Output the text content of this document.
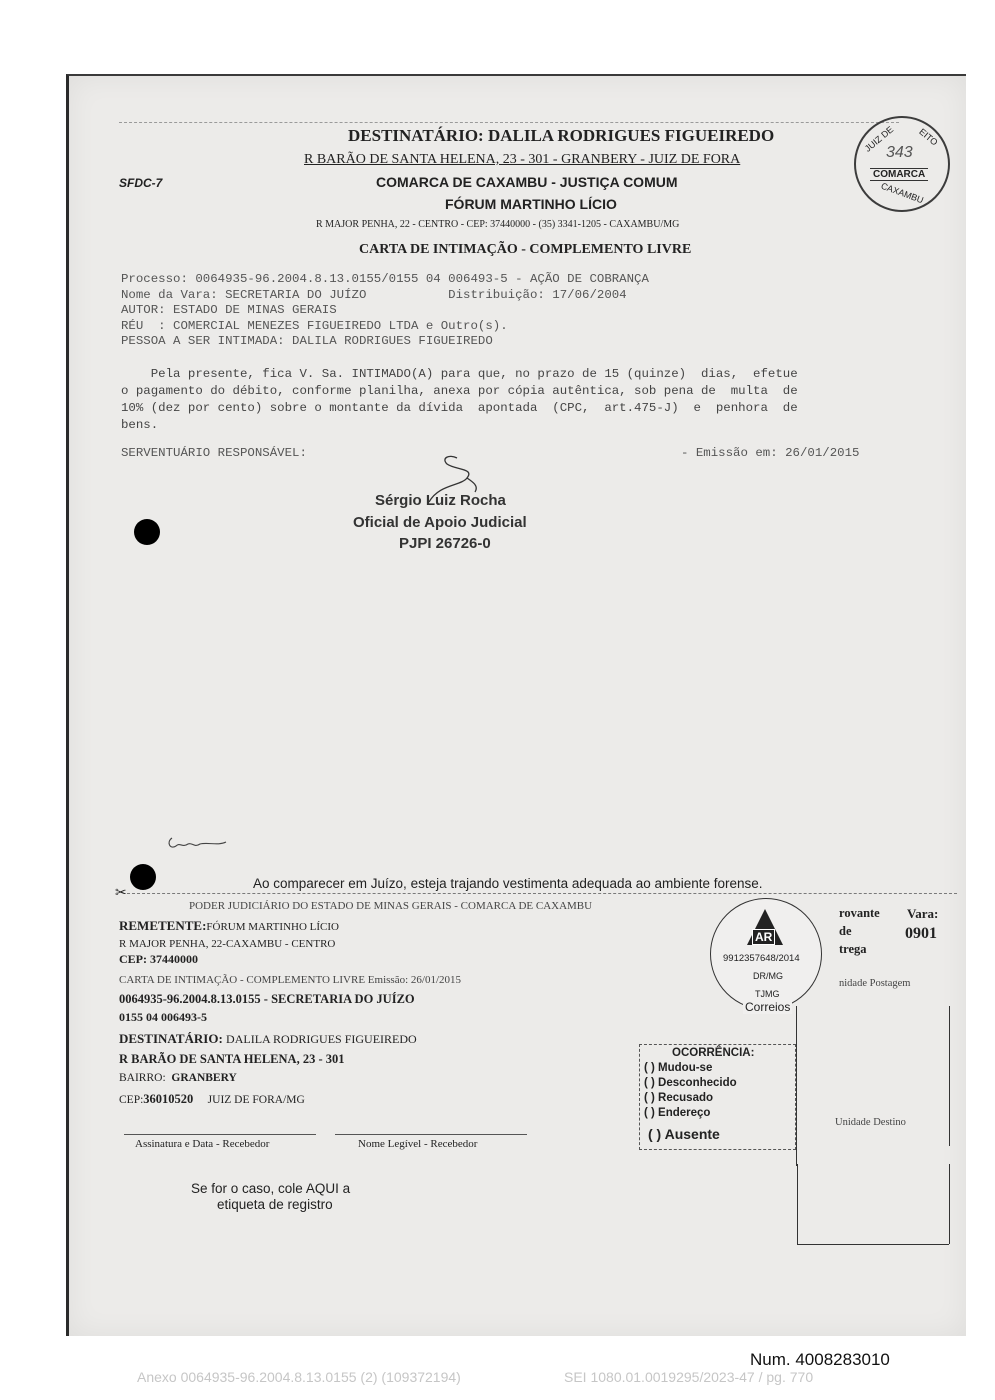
DESTINATÁRIO: DALILA RODRIGUES FIGUEIREDO
R BARÃO DE SANTA HELENA, 23 - 301 - GRANBERY - JUIZ DE FORA
SFDC-7	COMARCA DE CAXAMBU - JUSTIÇA COMUM
FÓRUM MARTINHO LÍCIO
R MAJOR PENHA, 22 - CENTRO - CEP: 37440000 - (35) 3341-1205 - CAXAMBU/MG
CARTA DE INTIMAÇÃO - COMPLEMENTO LIVRE
JUIZ DE EITO
343
COMARCA
CAXAMBU
Processo: 0064935-96.2004.8.13.0155/0155 04 006493-5 - AÇÃO DE COBRANÇA
Nome da Vara: SECRETARIA DO JUÍZO           Distribuição: 17/06/2004
AUTOR: ESTADO DE MINAS GERAIS
RÉU  : COMERCIAL MENEZES FIGUEIREDO LTDA e Outro(s).
PESSOA A SER INTIMADA: DALILA RODRIGUES FIGUEIREDO
Pela presente, fica V. Sa. INTIMADO(A) para que, no prazo de 15 (quinze)  dias,  efetue
o pagamento do débito, conforme planilha, anexa por cópia autêntica, sob pena de  multa  de
10% (dez por cento) sobre o montante da dívida  apontada  (CPC,  art.475-J)  e  penhora  de
bens.
SERVENTUÁRIO RESPONSÁVEL:	- Emissão em: 26/01/2015
Sérgio Luiz Rocha
Oficial de Apoio Judicial
PJPI 26726-0
Ao comparecer em Juízo, esteja trajando vestimenta adequada ao ambiente forense.
✂
PODER JUDICIÁRIO DO ESTADO DE MINAS GERAIS - COMARCA DE CAXAMBU
REMETENTE:FÓRUM MARTINHO LÍCIO
R MAJOR PENHA, 22-CAXAMBU - CENTRO
CEP: 37440000
CARTA DE INTIMAÇÃO - COMPLEMENTO LIVRE Emissão: 26/01/2015
0064935-96.2004.8.13.0155 - SECRETARIA DO JUÍZO
0155 04 006493-5
DESTINATÁRIO: DALILA RODRIGUES FIGUEIREDO
R BARÃO DE SANTA HELENA, 23 - 301
BAIRRO: GRANBERY
CEP:36010520 JUIZ DE FORA/MG
Assinatura e Data - Recebedor	Nome Legível - Recebedor
Se for o caso, cole AQUI a
etiqueta de registro
AR
9912357648/2014
DR/MG
TJMG
Correios
OCORRÊNCIA:
( ) Mudou-se
( ) Desconhecido
( ) Recusado
( ) Endereço
( ) Ausente
rovante
de
trega
Vara:
0901
nidade Postagem
Unidade Destino
Num. 4008283010
Anexo 0064935-96.2004.8.13.0155 (2) (109372194)	SEI 1080.01.0019295/2023-47 / pg. 770
